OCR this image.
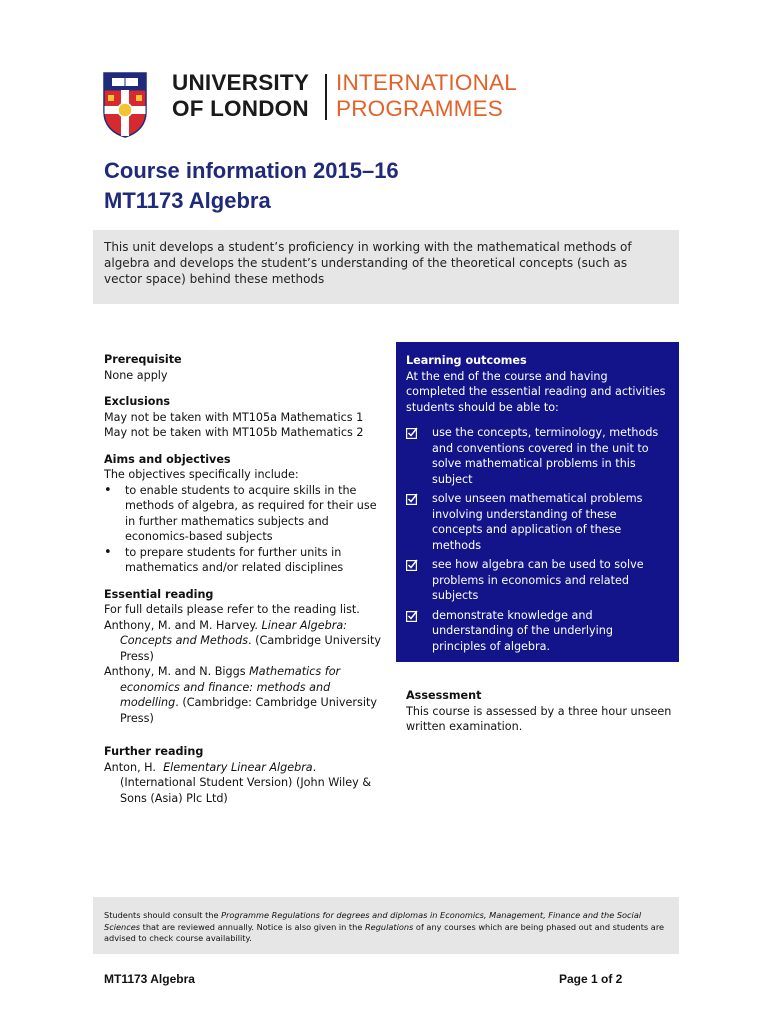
UNIVERSITY
OF LONDON
INTERNATIONAL
PROGRAMMES
Course information 2015–16
MT1173 Algebra

This unit develops a student’s proficiency in working with the mathematical methods of algebra and develops the student’s understanding of the theoretical concepts (such as vector space) behind these methods

Prerequisite
None apply
Exclusions
May not be taken with MT105a Mathematics 1
May not be taken with MT105b Mathematics 2
Aims and objectives
The objectives specifically include:
• to enable students to acquire skills in the methods of algebra, as required for their use in further mathematics subjects and economics-based subjects
• to prepare students for further units in mathematics and/or related disciplines
Essential reading
For full details please refer to the reading list.
Anthony, M. and M. Harvey. Linear Algebra: Concepts and Methods. (Cambridge University Press)
Anthony, M. and N. Biggs Mathematics for economics and finance: methods and modelling. (Cambridge: Cambridge University Press)
Further reading
Anton, H. Elementary Linear Algebra. (International Student Version) (John Wiley & Sons (Asia) Plc Ltd)
Learning outcomes
At the end of the course and having completed the essential reading and activities students should be able to:
use the concepts, terminology, methods and conventions covered in the unit to solve mathematical problems in this subject
solve unseen mathematical problems involving understanding of these concepts and application of these methods
see how algebra can be used to solve problems in economics and related subjects
demonstrate knowledge and understanding of the underlying principles of algebra.
Assessment
This course is assessed by a three hour unseen written examination.

Students should consult the Programme Regulations for degrees and diplomas in Economics, Management, Finance and the Social Sciences that are reviewed annually. Notice is also given in the Regulations of any courses which are being phased out and students are advised to check course availability.

MT1173 Algebra	Page 1 of 2
